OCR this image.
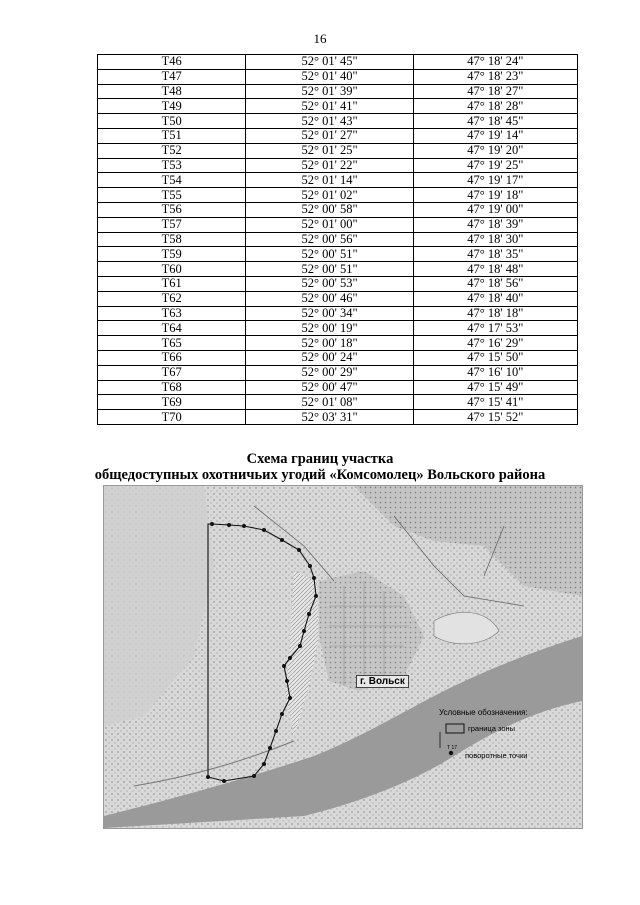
16
Т46	52° 01' 45"	47° 18' 24"
Т47	52° 01' 40"	47° 18' 23"
Т48	52° 01' 39"	47° 18' 27"
Т49	52° 01' 41"	47° 18' 28"
Т50	52° 01' 43"	47° 18' 45"
Т51	52° 01' 27"	47° 19' 14"
Т52	52° 01' 25"	47° 19' 20"
Т53	52° 01' 22"	47° 19' 25"
Т54	52° 01' 14"	47° 19' 17"
Т55	52° 01' 02"	47° 19' 18"
Т56	52° 00' 58"	47° 19' 00"
Т57	52° 01' 00"	47° 18' 39"
Т58	52° 00' 56"	47° 18' 30"
Т59	52° 00' 51"	47° 18' 35"
Т60	52° 00' 51"	47° 18' 48"
Т61	52° 00' 53"	47° 18' 56"
Т62	52° 00' 46"	47° 18' 40"
Т63	52° 00' 34"	47° 18' 18"
Т64	52° 00' 19"	47° 17' 53"
Т65	52° 00' 18"	47° 16' 29"
Т66	52° 00' 24"	47° 15' 50"
Т67	52° 00' 29"	47° 16' 10"
Т68	52° 00' 47"	47° 15' 49"
Т69	52° 01' 08"	47° 15' 41"
Т70	52° 03' 31"	47° 15' 52"
Схема границ участка
общедоступных охотничьих угодий «Комсомолец» Вольского района
г. Вольск
Условные обозначения:
граница зоны
Т 17
поворотные точки
